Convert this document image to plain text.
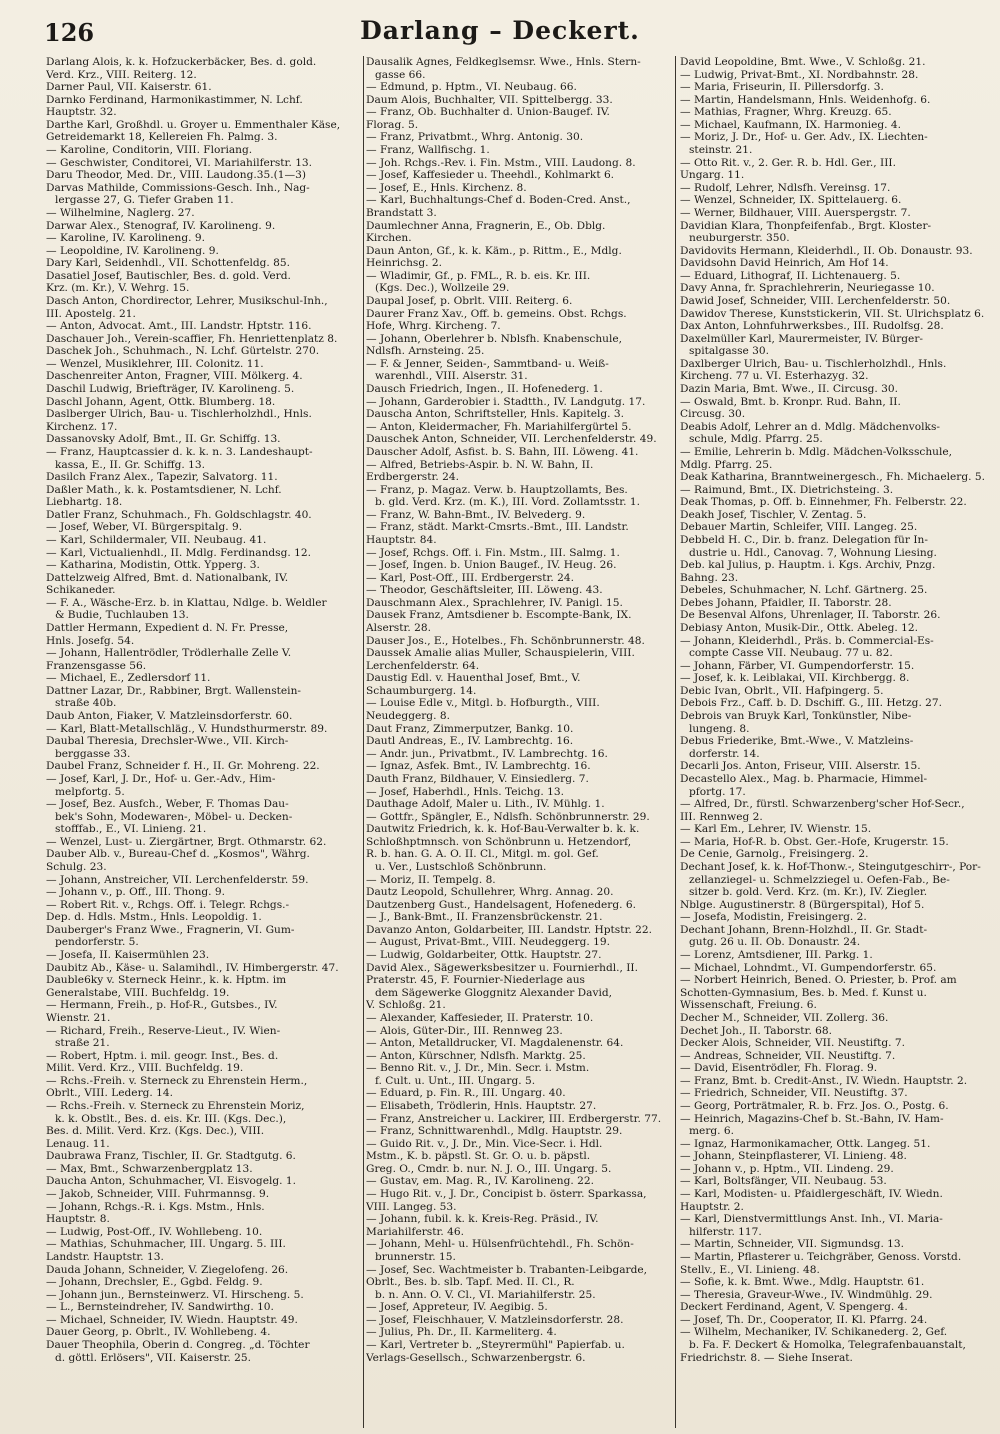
126	Darlang – Deckert.
Darlang Alois, k. k. Hofzuckerbäcker, Bes. d. gold.
Verd. Krz., VIII. Reiterg. 12.
Darner Paul, VII. Kaiserstr. 61.
Darnko Ferdinand, Harmonikastimmer, N. Lchf.
Hauptstr. 32.
Darthe Karl, Großhdl. u. Groyer u. Emmenthaler Käse,
Getreidemarkt 18, Kellereien Fh. Palmg. 3.
— Karoline, Conditorin, VIII. Floriang.
— Geschwister, Conditorei, VI. Mariahilferstr. 13.
Daru Theodor, Med. Dr., VIII. Laudong.35.(1—3)
Darvas Mathilde, Commissions-Gesch. Inh., Nag-
lergasse 27, G. Tiefer Graben 11.
— Wilhelmine, Naglerg. 27.
Darwar Alex., Stenograf, IV. Karolineng. 9.
— Karoline, IV. Karolineng. 9.
— Leopoldine, IV. Karolineng. 9.
Dary Karl, Seidenhdl., VII. Schottenfeldg. 85.
Dasatiel Josef, Bautischler, Bes. d. gold. Verd.
Krz. (m. Kr.), V. Wehrg. 15.
Dasch Anton, Chordirector, Lehrer, Musikschul-Inh.,
III. Apostelg. 21.
— Anton, Advocat. Amt., III. Landstr. Hptstr. 116.
Daschauer Joh., Verein-scaffier, Fh. Henriettenplatz 8.
Daschek Joh., Schuhmach., N. Lchf. Gürtelstr. 270.
— Wenzel, Musiklehrer, III. Colonitz. 11.
Daschenreiter Anton, Fragner, VIII. Mölkerg. 4.
Daschil Ludwig, Briefträger, IV. Karolineng. 5.
Daschl Johann, Agent, Ottk. Blumberg. 18.
Daslberger Ulrich, Bau- u. Tischlerholzhdl., Hnls.
Kirchenz. 17.
Dassanovsky Adolf, Bmt., II. Gr. Schiffg. 13.
— Franz, Hauptcassier d. k. k. n. 3. Landeshaupt-
kassa, E., II. Gr. Schiffg. 13.
Dasilch Franz Alex., Tapezir, Salvatorg. 11.
Daßler Math., k. k. Postamtsdiener, N. Lchf.
Liebhartg. 18.
Datler Franz, Schuhmach., Fh. Goldschlagstr. 40.
— Josef, Weber, VI. Bürgerspitalg. 9.
— Karl, Schildermaler, VII. Neubaug. 41.
— Karl, Victualienhdl., II. Mdlg. Ferdinandsg. 12.
— Katharina, Modistin, Ottk. Ypperg. 3.
Dattelzweig Alfred, Bmt. d. Nationalbank, IV.
Schikaneder.
— F. A., Wäsche-Erz. b. in Klattau, Ndlge. b. Weldler
& Budie, Tuchlauben 13.
Dattler Hermann, Expedient d. N. Fr. Presse,
Hnls. Josefg. 54.
— Johann, Hallentrödler, Trödlerhalle Zelle V.
Franzensgasse 56.
— Michael, E., Zedlersdorf 11.
Dattner Lazar, Dr., Rabbiner, Brgt. Wallenstein-
straße 40b.
Daub Anton, Fiaker, V. Matzleinsdorferstr. 60.
— Karl, Blatt-Metallschläg., V. Hundsthurmerstr. 89.
Daubal Theresia, Drechsler-Wwe., VII. Kirch-
berggasse 33.
Daubel Franz, Schneider f. H., II. Gr. Mohreng. 22.
— Josef, Karl, J. Dr., Hof- u. Ger.-Adv., Him-
melpfortg. 5.
— Josef, Bez. Ausfch., Weber, F. Thomas Dau-
bek's Sohn, Modewaren-, Möbel- u. Decken-
stofffab., E., VI. Linieng. 21.
— Wenzel, Lust- u. Ziergärtner, Brgt. Othmarstr. 62.
Dauber Alb. v., Bureau-Chef d. „Kosmos", Währg.
Schulg. 23.
— Johann, Anstreicher, VII. Lerchenfelderstr. 59.
— Johann v., p. Off., III. Thong. 9.
— Robert Rit. v., Rchgs. Off. i. Telegr. Rchgs.-
Dep. d. Hdls. Mstm., Hnls. Leopoldig. 1.
Dauberger's Franz Wwe., Fragnerin, VI. Gum-
pendorferstr. 5.
— Josefa, II. Kaisermühlen 23.
Daubitz Ab., Käse- u. Salamihdl., IV. Himbergerstr. 47.
Dauble6ky v. Sterneck Heinr., k. k. Hptm. im
Generalstabe, VIII. Buchfeldg. 19.
— Hermann, Freih., p. Hof-R., Gutsbes., IV.
Wienstr. 21.
— Richard, Freih., Reserve-Lieut., IV. Wien-
straße 21.
— Robert, Hptm. i. mil. geogr. Inst., Bes. d.
Milit. Verd. Krz., VIII. Buchfeldg. 19.
— Rchs.-Freih. v. Sterneck zu Ehrenstein Herm.,
Obrlt., VIII. Lederg. 14.
— Rchs.-Freih. v. Sterneck zu Ehrenstein Moriz,
k. k. Obstlt., Bes. d. eis. Kr. III. (Kgs. Dec.),
Bes. d. Milit. Verd. Krz. (Kgs. Dec.), VIII.
Lenaug. 11.
Daubrawa Franz, Tischler, II. Gr. Stadtgutg. 6.
— Max, Bmt., Schwarzenbergplatz 13.
Daucha Anton, Schuhmacher, VI. Eisvogelg. 1.
— Jakob, Schneider, VIII. Fuhrmannsg. 9.
— Johann, Rchgs.-R. i. Kgs. Mstm., Hnls.
Hauptstr. 8.
— Ludwig, Post-Off., IV. Wohllebeng. 10.
— Mathias, Schuhmacher, III. Ungarg. 5. III.
Landstr. Hauptstr. 13.
Dauda Johann, Schneider, V. Ziegelofeng. 26.
— Johann, Drechsler, E., Ggbd. Feldg. 9.
— Johann jun., Bernsteinwerz. VI. Hirscheng. 5.
— L., Bernsteindreher, IV. Sandwirthg. 10.
— Michael, Schneider, IV. Wiedn. Hauptstr. 49.
Dauer Georg, p. Obrlt., IV. Wohllebeng. 4.
Dauer Theophila, Oberin d. Congreg. „d. Töchter
d. göttl. Erlösers", VII. Kaiserstr. 25.
Dausalik Agnes, Feldkeglsemsr. Wwe., Hnls. Stern-
gasse 66.
— Edmund, p. Hptm., VI. Neubaug. 66.
Daum Alois, Buchhalter, VII. Spittelbergg. 33.
— Franz, Ob. Buchhalter d. Union-Baugef. IV.
Florag. 5.
— Franz, Privatbmt., Whrg. Antonig. 30.
— Franz, Wallfischg. 1.
— Joh. Rchgs.-Rev. i. Fin. Mstm., VIII. Laudong. 8.
— Josef, Kaffesieder u. Theehdl., Kohlmarkt 6.
— Josef, E., Hnls. Kirchenz. 8.
— Karl, Buchhaltungs-Chef d. Boden-Cred. Anst.,
Brandstatt 3.
Daumlechner Anna, Fragnerin, E., Ob. Dblg.
Kirchen.
Daun Anton, Gf., k. k. Käm., p. Rittm., E., Mdlg.
Heinrichsg. 2.
— Wladimir, Gf., p. FML., R. b. eis. Kr. III.
(Kgs. Dec.), Wollzeile 29.
Daupal Josef, p. Obrlt. VIII. Reiterg. 6.
Daurer Franz Xav., Off. b. gemeins. Obst. Rchgs.
Hofe, Whrg. Kircheng. 7.
— Johann, Oberlehrer b. Nblsfh. Knabenschule,
Ndlsfh. Arnsteing. 25.
— F. & Jenner, Seiden-, Sammtband- u. Weiß-
warenhdl., VIII. Alserstr. 31.
Dausch Friedrich, Ingen., II. Hofenederg. 1.
— Johann, Garderobier i. Stadtth., IV. Landgutg. 17.
Dauscha Anton, Schriftsteller, Hnls. Kapitelg. 3.
— Anton, Kleidermacher, Fh. Mariahilfergürtel 5.
Dauschek Anton, Schneider, VII. Lerchenfelderstr. 49.
Dauscher Adolf, Asfist. b. S. Bahn, III. Löweng. 41.
— Alfred, Betriebs-Aspir. b. N. W. Bahn, II.
Erdbergerstr. 24.
— Franz, p. Magaz. Verw. b. Hauptzollamts, Bes.
b. gld. Verd. Krz. (m. K.), III. Vord. Zollamtsstr. 1.
— Franz, W. Bahn-Bmt., IV. Belvederg. 9.
— Franz, städt. Markt-Cmsrts.-Bmt., III. Landstr.
Hauptstr. 84.
— Josef, Rchgs. Off. i. Fin. Mstm., III. Salmg. 1.
— Josef, Ingen. b. Union Baugef., IV. Heug. 26.
— Karl, Post-Off., III. Erdbergerstr. 24.
— Theodor, Geschäftsleiter, III. Löweng. 43.
Dauschmann Alex., Sprachlehrer, IV. Panigl. 15.
Dausek Franz, Amtsdiener b. Escompte-Bank, IX.
Alserstr. 28.
Dauser Jos., E., Hotelbes., Fh. Schönbrunnerstr. 48.
Daussek Amalie alias Muller, Schauspielerin, VIII.
Lerchenfelderstr. 64.
Daustig Edl. v. Hauenthal Josef, Bmt., V.
Schaumburgerg. 14.
— Louise Edle v., Mitgl. b. Hofburgth., VIII.
Neudeggerg. 8.
Daut Franz, Zimmerputzer, Bankg. 10.
Dautl Andreas, E., IV. Lambrechtg. 16.
— Andr. jun., Privatbmt., IV. Lambrechtg. 16.
— Ignaz, Asfek. Bmt., IV. Lambrechtg. 16.
Dauth Franz, Bildhauer, V. Einsiedlerg. 7.
— Josef, Haberhdl., Hnls. Teichg. 13.
Dauthage Adolf, Maler u. Lith., IV. Mühlg. 1.
— Gottfr., Spängler, E., Ndlsfh. Schönbrunnerstr. 29.
Dautwitz Friedrich, k. k. Hof-Bau-Verwalter b. k. k.
Schloßhptmnsch. von Schönbrunn u. Hetzendorf,
R. b. han. G. A. O. II. Cl., Mitgl. m. gol. Gef.
u. Ver., Lustschloß Schönbrunn.
— Moriz, II. Tempelg. 8.
Dautz Leopold, Schullehrer, Whrg. Annag. 20.
Dautzenberg Gust., Handelsagent, Hofenederg. 6.
— J., Bank-Bmt., II. Franzensbrückenstr. 21.
Davanzo Anton, Goldarbeiter, III. Landstr. Hptstr. 22.
— August, Privat-Bmt., VIII. Neudeggerg. 19.
— Ludwig, Goldarbeiter, Ottk. Hauptstr. 27.
David Alex., Sägewerksbesitzer u. Fournierhdl., II.
Praterstr. 45, F. Fournier-Niederlage aus
dem Sägewerke Gloggnitz Alexander David,
V. Schloßg. 21.
— Alexander, Kaffesieder, II. Praterstr. 10.
— Alois, Güter-Dir., III. Rennweg 23.
— Anton, Metalldrucker, VI. Magdalenenstr. 64.
— Anton, Kürschner, Ndlsfh. Marktg. 25.
— Benno Rit. v., J. Dr., Min. Secr. i. Mstm.
f. Cult. u. Unt., III. Ungarg. 5.
— Eduard, p. Fin. R., III. Ungarg. 40.
— Elisabeth, Trödlerin, Hnls. Hauptstr. 27.
— Franz, Anstreicher u. Lackirer, III. Erdbergerstr. 77.
— Franz, Schnittwarenhdl., Mdlg. Hauptstr. 29.
— Guido Rit. v., J. Dr., Min. Vice-Secr. i. Hdl.
Mstm., K. b. päpstl. St. Gr. O. u. b. päpstl.
Greg. O., Cmdr. b. nur. N. J. O., III. Ungarg. 5.
— Gustav, em. Mag. R., IV. Karolineng. 22.
— Hugo Rit. v., J. Dr., Concipist b. österr. Sparkassa,
VIII. Langeg. 53.
— Johann, fubil. k. k. Kreis-Reg. Präsid., IV.
Mariahilferstr. 46.
— Johann, Mehl- u. Hülsenfrüchtehdl., Fh. Schön-
brunnerstr. 15.
— Josef, Sec. Wachtmeister b. Trabanten-Leibgarde,
Obrlt., Bes. b. slb. Tapf. Med. II. Cl., R.
b. n. Ann. O. V. Cl., VI. Mariahilferstr. 25.
— Josef, Appreteur, IV. Aegibig. 5.
— Josef, Fleischhauer, V. Matzleinsdorferstr. 28.
— Julius, Ph. Dr., II. Karmeliterg. 4.
— Karl, Vertreter b. „Steyrermühl" Papierfab. u.
Verlags-Gesellsch., Schwarzenbergstr. 6.
David Leopoldine, Bmt. Wwe., V. Schloßg. 21.
— Ludwig, Privat-Bmt., XI. Nordbahnstr. 28.
— Maria, Friseurin, II. Pillersdorfg. 3.
— Martin, Handelsmann, Hnls. Weidenhofg. 6.
— Mathias, Fragner, Whrg. Kreuzg. 65.
— Michael, Kaufmann, IX. Harmonieg. 4.
— Moriz, J. Dr., Hof- u. Ger. Adv., IX. Liechten-
steinstr. 21.
— Otto Rit. v., 2. Ger. R. b. Hdl. Ger., III.
Ungarg. 11.
— Rudolf, Lehrer, Ndlsfh. Vereinsg. 17.
— Wenzel, Schneider, IX. Spittelauerg. 6.
— Werner, Bildhauer, VIII. Auerspergstr. 7.
Davidian Klara, Thonpfeifenfab., Brgt. Kloster-
neuburgerstr. 350.
Davidovits Hermann, Kleiderhdl., II. Ob. Donaustr. 93.
Davidsohn David Heinrich, Am Hof 14.
— Eduard, Lithograf, II. Lichtenauerg. 5.
Davy Anna, fr. Sprachlehrerin, Neuriegasse 10.
Dawid Josef, Schneider, VIII. Lerchenfelderstr. 50.
Dawidov Therese, Kunststickerin, VII. St. Ulrichsplatz 6.
Dax Anton, Lohnfuhrwerksbes., III. Rudolfsg. 28.
Daxelmüller Karl, Maurermeister, IV. Bürger-
spitalgasse 30.
Daxlberger Ulrich, Bau- u. Tischlerholzhdl., Hnls.
Kircheng. 77 u. VI. Esterhazyg. 32.
Dazin Maria, Bmt. Wwe., II. Circusg. 30.
— Oswald, Bmt. b. Kronpr. Rud. Bahn, II.
Circusg. 30.
Deabis Adolf, Lehrer an d. Mdlg. Mädchenvolks-
schule, Mdlg. Pfarrg. 25.
— Emilie, Lehrerin b. Mdlg. Mädchen-Volksschule,
Mdlg. Pfarrg. 25.
Deak Katharina, Branntweinergesch., Fh. Michaelerg. 5.
— Raimund, Bmt., IX. Dietrichsteing. 3.
Deak Thomas, p. Off. b. Einnehmer, Fh. Felberstr. 22.
Deakh Josef, Tischler, V. Zentag. 5.
Debauer Martin, Schleifer, VIII. Langeg. 25.
Debbeld H. C., Dir. b. franz. Delegation für In-
dustrie u. Hdl., Canovag. 7, Wohnung Liesing.
Deb. kal Julius, p. Hauptm. i. Kgs. Archiv, Pnzg.
Bahng. 23.
Debeles, Schuhmacher, N. Lchf. Gärtnerg. 25.
Debes Johann, Pfaidler, II. Taborstr. 28.
De Besenval Alfons, Uhrenlager, II. Taborstr. 26.
Debiasy Anton, Musik-Dir., Ottk. Abeleg. 12.
— Johann, Kleiderhdl., Präs. b. Commercial-Es-
compte Casse VII. Neubaug. 77 u. 82.
— Johann, Färber, VI. Gumpendorferstr. 15.
— Josef, k. k. Leiblakai, VII. Kirchbergg. 8.
Debic Ivan, Obrlt., VII. Hafpingerg. 5.
Debois Frz., Caff. b. D. Dschiff. G., III. Hetzg. 27.
Debrois van Bruyk Karl, Tonkünstler, Nibe-
lungeng. 8.
Debus Friederike, Bmt.-Wwe., V. Matzleins-
dorferstr. 14.
Decarli Jos. Anton, Friseur, VIII. Alserstr. 15.
Decastello Alex., Mag. b. Pharmacie, Himmel-
pfortg. 17.
— Alfred, Dr., fürstl. Schwarzenberg'scher Hof-Secr.,
III. Rennweg 2.
— Karl Em., Lehrer, IV. Wienstr. 15.
— Maria, Hof-R. b. Obst. Ger.-Hofe, Krugerstr. 15.
De Cenie, Garnolg., Freisingerg. 2.
Dechant Josef, k. k. Hof-Thonw.-, Steingutgeschirr-, Por-
zellanziegel- u. Schmelzziegel u. Oefen-Fab., Be-
sitzer b. gold. Verd. Krz. (m. Kr.), IV. Ziegler.
Nblge. Augustinerstr. 8 (Bürgerspital), Hof 5.
— Josefa, Modistin, Freisingerg. 2.
Dechant Johann, Brenn-Holzhdl., II. Gr. Stadt-
gutg. 26 u. II. Ob. Donaustr. 24.
— Lorenz, Amtsdiener, III. Parkg. 1.
— Michael, Lohndmt., VI. Gumpendorferstr. 65.
— Norbert Heinrich, Bened. O. Priester, b. Prof. am
Schotten-Gymnasium, Bes. b. Med. f. Kunst u.
Wissenschaft, Freiung. 6.
Decher M., Schneider, VII. Zollerg. 36.
Dechet Joh., II. Taborstr. 68.
Decker Alois, Schneider, VII. Neustiftg. 7.
— Andreas, Schneider, VII. Neustiftg. 7.
— David, Eisentrödler, Fh. Florag. 9.
— Franz, Bmt. b. Credit-Anst., IV. Wiedn. Hauptstr. 2.
— Friedrich, Schneider, VII. Neustiftg. 37.
— Georg, Porträtmaler, R. b. Frz. Jos. O., Postg. 6.
— Heinrich, Magazins-Chef b. St.-Bahn, IV. Ham-
merg. 6.
— Ignaz, Harmonikamacher, Ottk. Langeg. 51.
— Johann, Steinpflasterer, VI. Linieng. 48.
— Johann v., p. Hptm., VII. Lindeng. 29.
— Karl, Boltsfänger, VII. Neubaug. 53.
— Karl, Modisten- u. Pfaidlergeschäft, IV. Wiedn.
Hauptstr. 2.
— Karl, Dienstvermittlungs Anst. Inh., VI. Maria-
hilferstr. 117.
— Martin, Schneider, VII. Sigmundsg. 13.
— Martin, Pflasterer u. Teichgräber, Genoss. Vorstd.
Stellv., E., VI. Linieng. 48.
— Sofie, k. k. Bmt. Wwe., Mdlg. Hauptstr. 61.
— Theresia, Graveur-Wwe., IV. Windmühlg. 29.
Deckert Ferdinand, Agent, V. Spengerg. 4.
— Josef, Th. Dr., Cooperator, II. Kl. Pfarrg. 24.
— Wilhelm, Mechaniker, IV. Schikanederg. 2, Gef.
b. Fa. F. Deckert & Homolka, Telegrafenbauanstalt,
Friedrichstr. 8. — Siehe Inserat.
